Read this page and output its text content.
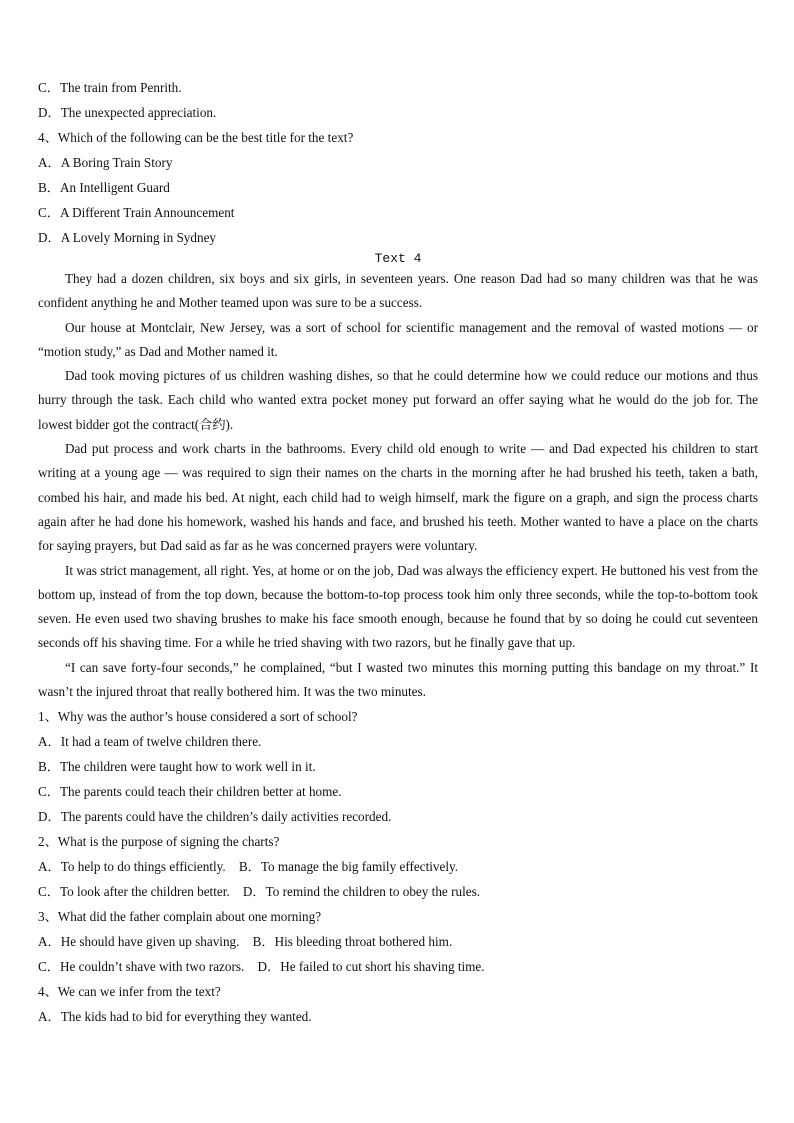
C．The train from Penrith.
D．The unexpected appreciation.
4、Which of the following can be the best title for the text?
A．A Boring Train Story
B．An Intelligent Guard
C．A Different Train Announcement
D．A Lovely Morning in Sydney
Text 4

They had a dozen children, six boys and six girls, in seventeen years. One reason Dad had so many children was that he was confident anything he and Mother teamed upon was sure to be a success.

Our house at Montclair, New Jersey, was a sort of school for scientific management and the removal of wasted motions — or “motion study,” as Dad and Mother named it.

Dad took moving pictures of us children washing dishes, so that he could determine how we could reduce our motions and thus hurry through the task. Each child who wanted extra pocket money put forward an offer saying what he would do the job for. The lowest bidder got the contract(合约).

Dad put process and work charts in the bathrooms. Every child old enough to write — and Dad expected his children to start writing at a young age — was required to sign their names on the charts in the morning after he had brushed his teeth, taken a bath, combed his hair, and made his bed. At night, each child had to weigh himself, mark the figure on a graph, and sign the process charts again after he had done his homework, washed his hands and face, and brushed his teeth. Mother wanted to have a place on the charts for saying prayers, but Dad said as far as he was concerned prayers were voluntary.

It was strict management, all right. Yes, at home or on the job, Dad was always the efficiency expert. He buttoned his vest from the bottom up, instead of from the top down, because the bottom-to-top process took him only three seconds, while the top-to-bottom took seven. He even used two shaving brushes to make his face smooth enough, because he found that by so doing he could cut seventeen seconds off his shaving time. For a while he tried shaving with two razors, but he finally gave that up.

“I can save forty-four seconds,” he complained, “but I wasted two minutes this morning putting this bandage on my throat.” It wasn’t the injured throat that really bothered him. It was the two minutes.

1、Why was the author’s house considered a sort of school?
A．It had a team of twelve children there.
B．The children were taught how to work well in it.
C．The parents could teach their children better at home.
D．The parents could have the children’s daily activities recorded.
2、What is the purpose of signing the charts?
A．To help to do things efficiently.    B．To manage the big family effectively.
C．To look after the children better.    D．To remind the children to obey the rules.
3、What did the father complain about one morning?
A．He should have given up shaving.    B．His bleeding throat bothered him.
C．He couldn’t shave with two razors.    D．He failed to cut short his shaving time.
4、We can we infer from the text?
A．The kids had to bid for everything they wanted.
